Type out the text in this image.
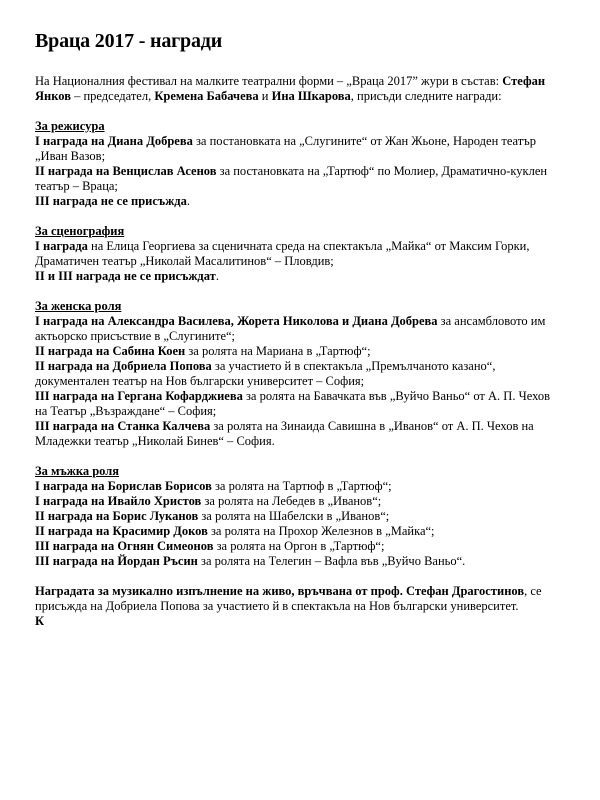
Враца 2017 - награди

На Националния фестивал на малките театрални форми – „Враца 2017” жури в състав: Стефан Янков – председател, Кремена Бабачева и Ина Шкарова, присъди следните награди:

За режисура

I награда на Диана Добрева за постановката на „Слугините“ от Жан Жьоне, Народен театър „Иван Вазов;

II награда на Венцислав Асенов за постановката на „Тартюф“ по Молиер, Драматично-куклен театър – Враца;

III награда не се присъжда.

За сценография

I награда на Елица Георгиева за сценичната среда на спектакъла „Майка“ от Максим Горки, Драматичен театър „Николай Масалитинов“ – Пловдив;

II и III награда не се присъждат.

За женска роля

I награда на Александра Василева, Жорета Николова и Диана Добрева за ансамбловото им актьорско присъствие в „Слугините“;

II награда на Сабина Коен за ролята на Мариана в „Тартюф“;

II награда на Добриела Попова за участието й в спектакъла „Премълчаното казано“, документален театър на Нов български университет – София;

III награда на Гергана Кофарджиева за ролята на Бавачката във „Вуйчо Ваньо“ от А. П. Чехов на Театър „Възраждане“ – София;

III награда на Станка Калчева за ролята на Зинаида Савишна в „Иванов“ от А. П. Чехов на Младежки театър „Николай Бинев“ – София.

За мъжка роля

I награда на Борислав Борисов за ролята на Тартюф в „Тартюф“;

I награда на Ивайло Христов за ролята на Лебедев в „Иванов“;

II награда на Борис Луканов за ролята на Шабелски в „Иванов“;

II награда на Красимир Доков за ролята на Прохор Железнов в „Майка“;

III награда на Огнян Симеонов за ролята на Оргон в „Тартюф“;

III награда на Йордан Ръсин за ролята на Телегин – Вафла във „Вуйчо Ваньо“.

Наградата за музикално изпълнение на живо, връчвана от проф. Стефан Драгостинов, се присъжда на Добриела Попова за участието й в спектакъла на Нов български университет.

К
